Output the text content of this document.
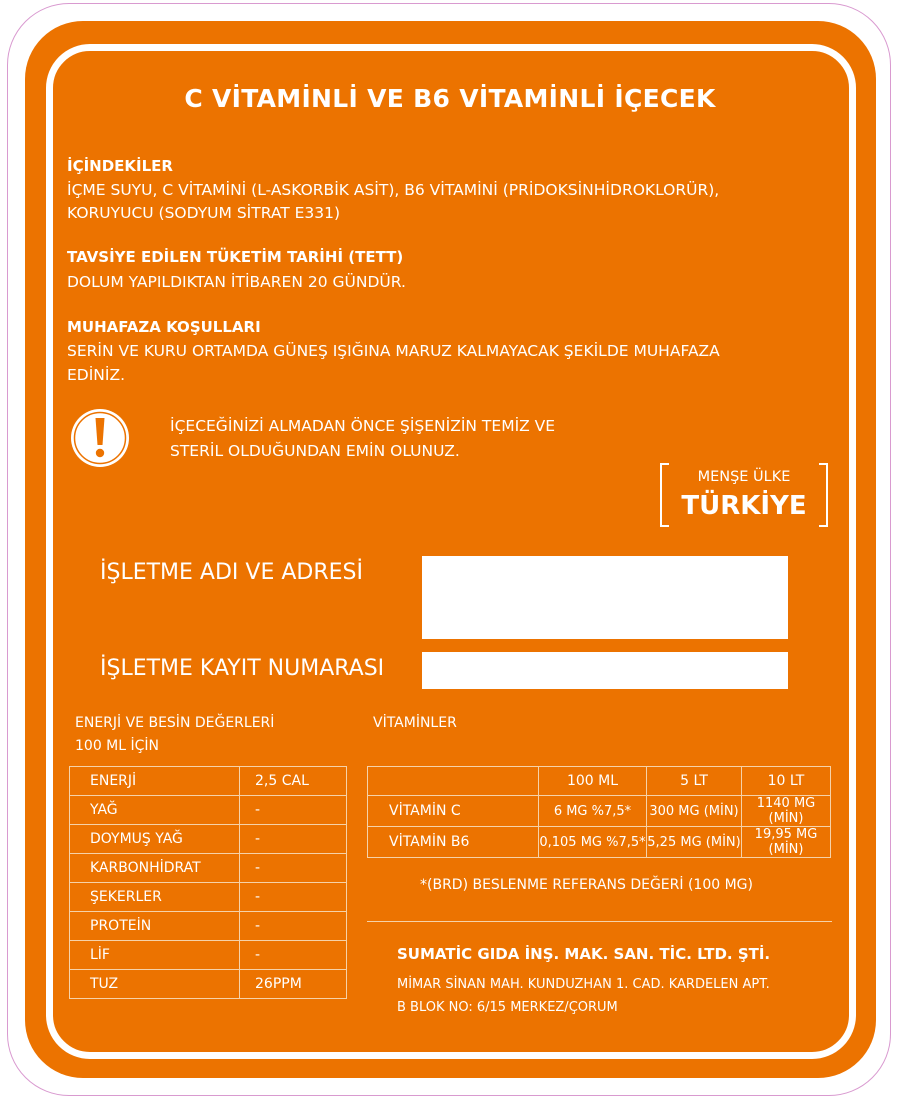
C VİTAMİNLİ VE B6 VİTAMİNLİ İÇECEK
İÇİNDEKİLER
İÇME SUYU, C VİTAMİNİ (L-ASKORBİK ASİT), B6 VİTAMİNİ (PRİDOKSİNHİDROKLORÜR),
KORUYUCU (SODYUM SİTRAT E331)
TAVSİYE EDİLEN TÜKETİM TARİHİ (TETT)
DOLUM YAPILDIKTAN İTİBAREN 20 GÜNDÜR.
MUHAFAZA KOŞULLARI
SERİN VE KURU ORTAMDA GÜNEŞ IŞIĞINA MARUZ KALMAYACAK ŞEKİLDE MUHAFAZA
EDİNİZ.
İÇECEĞİNİZİ ALMADAN ÖNCE ŞİŞENİZİN TEMİZ VE
STERİL OLDUĞUNDAN EMİN OLUNUZ.
MENŞE ÜLKE
TÜRKİYE
İŞLETME ADI VE ADRESİ
İŞLETME KAYIT NUMARASI
ENERJİ VE BESİN DEĞERLERİ
100 ML İÇİN
ENERJİ	2,5 CAL
YAĞ	-
DOYMUŞ YAĞ	-
KARBONHİDRAT	-
ŞEKERLER	-
PROTEİN	-
LİF	-
TUZ	26PPM
VİTAMİNLER
	100 ML	5 LT	10 LT
VİTAMİN C	6 MG %7,5*	300 MG (MİN)	1140 MG (MİN)
VİTAMİN B6	0,105 MG %7,5*	5,25 MG (MİN)	19,95 MG (MİN)
*(BRD) BESLENME REFERANS DEĞERİ (100 MG)
SUMATİC GIDA İNŞ. MAK. SAN. TİC. LTD. ŞTİ.
MİMAR SİNAN MAH. KUNDUZHAN 1. CAD. KARDELEN APT.
B BLOK NO: 6/15 MERKEZ/ÇORUM
